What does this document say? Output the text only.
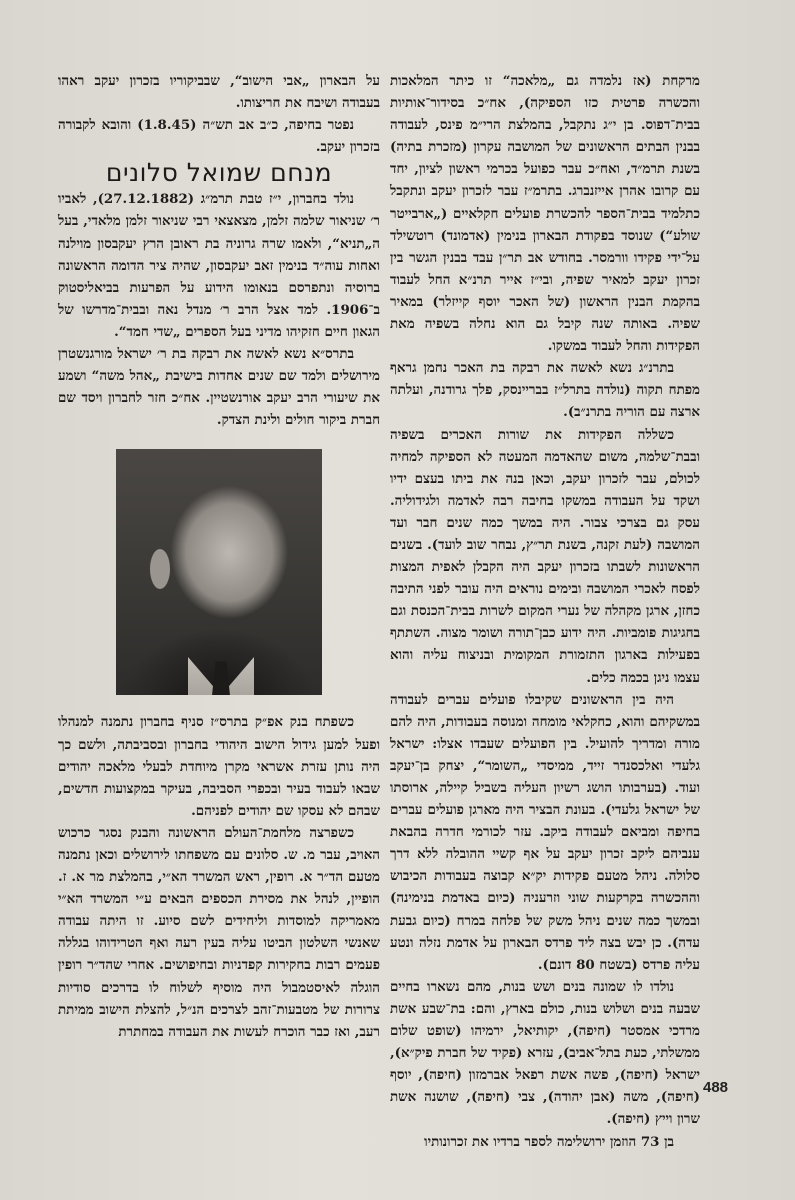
מרקחת (אז נלמדה גם „מלאכה“ זו כיתר המלאכות והכשרה פרטית כזו הספיקה), אח״כ בסידור־אותיות בבית־דפוס. בן י״ג נתקבל, בהמלצת הרי״מ פינס, לעבודה בבנין הבתים הראשונים של המושבה עקרון (מזכרת בתיה) בשנת תרמ״ד, ואח״כ עבר כפועל בכרמי ראשון לציון, יחד עם קרובו אהרן אייזנברג. בתרמ״ז עבר לזכרון יעקב ונתקבל כתלמיד בבית־הספר להכשרת פועלים חקלאיים („ארבייטר שולע“) שנוסד בפקודת הבארון בנימין (אדמונד) רוטשילד על־ידי פקידו וורמסר. בחודש אב תר״ן עבד בבנין הגשר בין זכרון יעקב למאיר שפיה, ובי״ז אייר תרנ״א החל לעבוד בהקמת הבנין הראשון (של האכר יוסף קייזלר) במאיר שפיה. באותה שנה קיבל גם הוא נחלה בשפיה מאת הפקידות והחל לעבוד במשקו.

בתרנ״ג נשא לאשה את רבקה בת האכר נחמן גראף מפתח תקוה (נולדה בתרל״ז בבריינסק, פלך גרודנה, ועלתה ארצה עם הוריה בתרנ״ב).

כשללה הפקידות את שורות האכרים בשפיה ובבת־שלמה, משום שהאדמה המעטה לא הספיקה למחיה לכולם, עבר לזכרון יעקב, וכאן בנה את ביתו בעצם ידיו ושקד על העבודה במשקו בחיבה רבה לאדמה ולגידוליה. עסק גם בצרכי צבור. היה במשך כמה שנים חבר ועד המושבה (לעת זקנה, בשנת תר״ץ, נבחר שוב לועד). בשנים הראשונות לשבתו בזכרון יעקב היה הקבלן לאפית המצות לפסח לאכרי המושבה ובימים נוראים היה עובר לפני התיבה כחזן, ארגן מקהלה של נערי המקום לשרות בבית־הכנסת וגם בחגיגות פומביות. היה ידוע כבן־תורה ושומר מצוה. השתתף בפעילות בארגון התזמורת המקומית ובניצוח עליה והוא עצמו ניגן בכמה כלים.

היה בין הראשונים שקיבלו פועלים עברים לעבודה במשקיהם והוא, כחקלאי מומחה ומנוסה בעבודות, היה להם מורה ומדריך להועיל. בין הפועלים שעבדו אצלו: ישראל גלעדי ואלכסנדר זייד, ממיסדי „השומר“, יצחק בן־יעקב ועוד. (בערבותו הושג רשיון העליה בשביל קיילה, ארוסתו של ישראל גלעדי). בעונת הבציר היה מארגן פועלים עברים בחיפה ומביאם לעבודה ביקב. עזר לכורמי חדרה בהבאת ענביהם ליקב זכרון יעקב על אף קשיי ההובלה ללא דרך סלולה. ניהל מטעם פקידות יק״א קבוצה בעבודות הכיבוש וההכשרה בקרקעות שוני וזרעניה (כיום באדמת בנימינה) ובמשך כמה שנים ניהל משק של פלחה במרח (כיום גבעת עדה). כן יבש בצה ליד פרדס הבארון על אדמת נזלה ונטע עליה פרדס (בשטח 80 דונם).

נולדו לו שמונה בנים ושש בנות, מהם נשארו בחיים שבעה בנים ושלוש בנות, כולם בארץ, והם: בת־שבע אשת מרדכי אמסטר (חיפה), יקותיאל, ירמיהו (שופט שלום ממשלתי, כעת בתל־אביב), עזרא (פקיד של חברת פיק״א), ישראל (חיפה), פשה אשת רפאל אברמזון (חיפה), יוסף (חיפה), משה (אבן יהודה), צבי (חיפה), שושנה אשת שרון וייץ (חיפה).

בן 73 הוזמן ירושלימה לספר ברדיו את זכרונותיו

על הבארון „אבי הישוב“, שבביקוריו בזכרון יעקב ראהו בעבודה ושיבח את חריצותו.

נפטר בחיפה, כ״ב אב תש״ה (1.8.45) והובא לקבורה בזכרון יעקב.

מנחם שמואל סלונים

נולד בחברון, י״ז טבת תרמ״ג (27.12.1882), לאביו ר׳ שניאור שלמה זלמן, מצאצאי רבי שניאור זלמן מלאדי, בעל ה„תניא“, ולאמו שרה גרוניה בת ראובן הרץ יעקבסון מוילנה ואחות עוה״ד בנימין זאב יעקבסון, שהיה ציר הדומה הראשונה ברוסיה ונתפרסם בנאומו הידוע על הפרעות בביאליסטוק ב־1906. למד אצל הרב ר׳ מנדל נאה ובבית־מדרשו של הגאון חיים חזקיהו מדיני בעל הספרים „שדי חמד“.

בתרס״א נשא לאשה את רבקה בת ר׳ ישראל מורגנשטרן מירושלים ולמד שם שנים אחדות בישיבת „אהל משה“ ושמע את שיעורי הרב יעקב אורנשטיין. אח״כ חזר לחברון ויסד שם חברת ביקור חולים ולינת הצדק.

כשפתח בנק אפ״ק בתרס״ז סניף בחברון נתמנה למנהלו ופעל למען גידול הישוב היהודי בחברון ובסביבתה, ולשם כך היה נותן עזרת אשראי מקרן מיוחדת לבעלי מלאכה יהודים שבאו לעבוד בעיר ובכפרי הסביבה, בעיקר במקצועות חדשים, שבהם לא עסקו שם יהודים לפניהם.

כשפרצה מלחמת־העולם הראשונה והבנק נסגר כרכוש האויב, עבר מ. ש. סלונים עם משפחתו לירושלים וכאן נתמנה מטעם הד״ר א. רופין, ראש המשרד הא״י, בהמלצת מר א. ז. הופיין, לנהל את מסירת הכספים הבאים ע״י המשרד הא״י מאמריקה למוסדות וליחידים לשם סיוע. זו היתה עבודה שאנשי השלטון הביטו עליה בעין רעה ואף הטרידוהו בגללה פעמים רבות בחקירות קפדניות ובחיפושים. אחרי שהד״ר רופין הוגלה לאיסטמבול היה מוסיף לשלוח לו בדרכים סודיות צרורות של מטבעות־זהב לצרכים הנ״ל, להצלת הישוב ממיתת רעב, ואז כבר הוכרח לעשות את העבודה במחתרת

488
